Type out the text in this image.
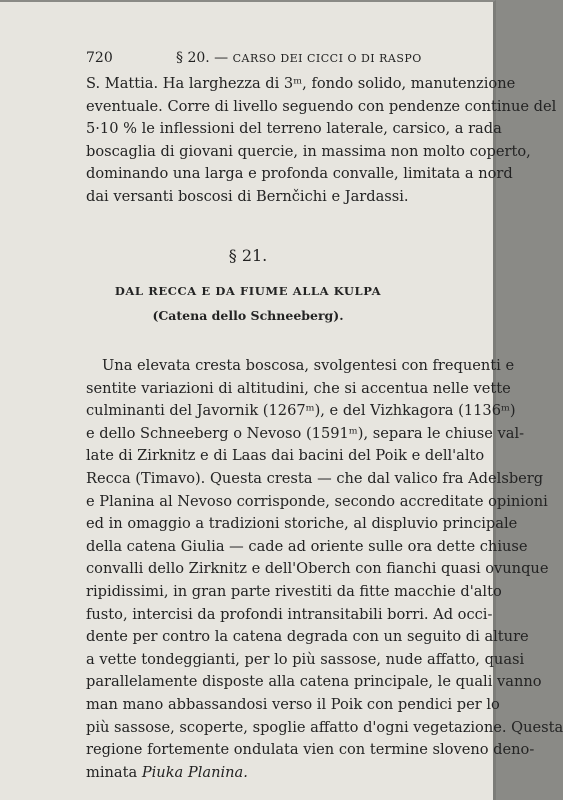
720	§ 20. — CARSO DEI CICCI O DI RASPO
S. Mattia. Ha larghezza di 3ᵐ, fondo solido, manutenzione
eventuale. Corre di livello seguendo con pendenze continue del
5·10 % le inflessioni del terreno laterale, carsico, a rada
boscaglia di giovani quercie, in massima non molto coperto,
dominando una larga e profonda convalle, limitata a nord
dai versanti boscosi di Bernčichi e Jardassi.
§ 21.
DAL RECCA E DA FIUME ALLA KULPA
(Catena dello Schneeberg).
Una elevata cresta boscosa, svolgentesi con frequenti e
sentite variazioni di altitudini, che si accentua nelle vette
culminanti del Javornik (1267ᵐ), e del Vizhkagora (1136ᵐ)
e dello Schneeberg o Nevoso (1591ᵐ), separa le chiuse val-
late di Zirknitz e di Laas dai bacini del Poik e dell'alto
Recca (Timavo). Questa cresta — che dal valico fra Adelsberg
e Planina al Nevoso corrisponde, secondo accreditate opinioni
ed in omaggio a tradizioni storiche, al displuvio principale
della catena Giulia — cade ad oriente sulle ora dette chiuse
convalli dello Zirknitz e dell'Oberch con fianchi quasi ovunque
ripidissimi, in gran parte rivestiti da fitte macchie d'alto
fusto, intercisi da profondi intransitabili borri. Ad occi-
dente per contro la catena degrada con un seguito di alture
a vette tondeggianti, per lo più sassose, nude affatto, quasi
parallelamente disposte alla catena principale, le quali vanno
man mano abbassandosi verso il Poik con pendici per lo
più sassose, scoperte, spoglie affatto d'ogni vegetazione. Questa
regione fortemente ondulata vien con termine sloveno deno-
minata Piuka Planina.
